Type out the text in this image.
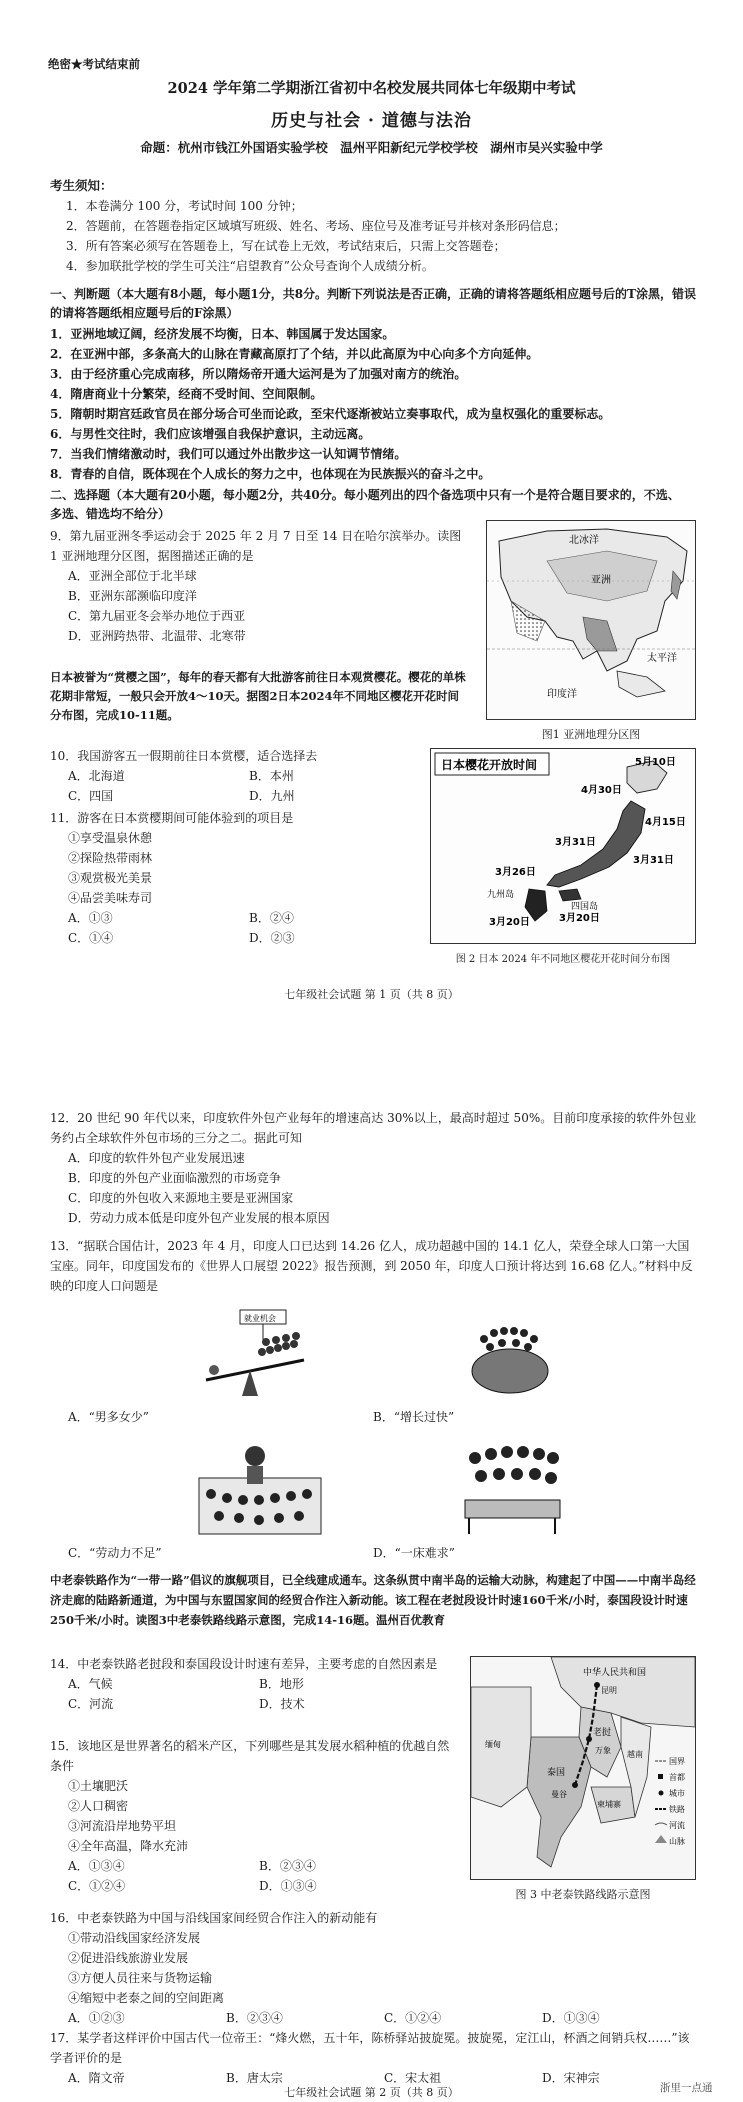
绝密★考试结束前
2024 学年第二学期浙江省初中名校发展共同体七年级期中考试
历史与社会 · 道德与法治
命题：杭州市钱江外国语实验学校　温州平阳新纪元学校学校　湖州市吴兴实验中学
考生须知：
1．本卷满分 100 分，考试时间 100 分钟；
2．答题前，在答题卷指定区域填写班级、姓名、考场、座位号及准考证号并核对条形码信息；
3．所有答案必须写在答题卷上，写在试卷上无效，考试结束后，只需上交答题卷；
4．参加联批学校的学生可关注“启望教育”公众号查询个人成绩分析。
一、判断题（本大题有8小题，每小题1分，共8分。判断下列说法是否正确，正确的请将答题纸相应题号后的T涂黑，错误的请将答题纸相应题号后的F涂黑）
1．亚洲地域辽阔，经济发展不均衡，日本、韩国属于发达国家。
2．在亚洲中部，多条高大的山脉在青藏高原打了个结，并以此高原为中心向多个方向延伸。
3．由于经济重心完成南移，所以隋炀帝开通大运河是为了加强对南方的统治。
4．隋唐商业十分繁荣，经商不受时间、空间限制。
5．隋朝时期宫廷政官员在部分场合可坐而论政，至宋代逐渐被站立奏事取代，成为皇权强化的重要标志。
6．与男性交往时，我们应该增强自我保护意识，主动远离。
7．当我们情绪激动时，我们可以通过外出散步这一认知调节情绪。
8．青春的自信，既体现在个人成长的努力之中，也体现在为民族振兴的奋斗之中。
二、选择题（本大题有20小题，每小题2分，共40分。每小题列出的四个备选项中只有一个是符合题目要求的，不选、多选、错选均不给分）
9．第九届亚洲冬季运动会于 2025 年 2 月 7 日至 14 日在哈尔滨举办。读图 1 亚洲地理分区图，据图描述正确的是
A．亚洲全部位于北半球
B．亚洲东部濒临印度洋
C．第九届亚冬会举办地位于西亚
D．亚洲跨热带、北温带、北寒带
日本被誉为“赏樱之国”，每年的春天都有大批游客前往日本观赏樱花。樱花的单株花期非常短，一般只会开放4～10天。据图2日本2024年不同地区樱花开花时间分布图，完成10-11题。
北冰洋
太平洋
印度洋
亚洲
图1 亚洲地理分区图
10．我国游客五一假期前往日本赏樱，适合选择去
A．北海道	B．本州
C．四国	D．九州
11．游客在日本赏樱期间可能体验到的项目是
①享受温泉休憩
②探险热带雨林
③观赏极光美景
④品尝美味寿司
A．①③	B．②④
C．①④	D．②③
日本樱花开放时间	5月10日
4月30日
4月15日
3月31日
3月31日
3月26日
3月20日
3月20日
九州岛
四国岛
图 2 日本 2024 年不同地区樱花开花时间分布图
七年级社会试题 第 1 页（共 8 页）
12．20 世纪 90 年代以来，印度软件外包产业每年的增速高达 30%以上，最高时超过 50%。目前印度承接的软件外包业务约占全球软件外包市场的三分之二。据此可知
A．印度的软件外包产业发展迅速
B．印度的外包产业面临激烈的市场竞争
C．印度的外包收入来源地主要是亚洲国家
D．劳动力成本低是印度外包产业发展的根本原因
13．“据联合国估计，2023 年 4 月，印度人口已达到 14.26 亿人，成功超越中国的 14.1 亿人，荣登全球人口第一大国宝座。同年，印度国发布的《世界人口展望 2022》报告预测，到 2050 年，印度人口预计将达到 16.68 亿人。”材料中反映的印度人口问题是
就业机会
A．“男多女少”	B．“增长过快”
C．“劳动力不足”	D．“一床难求”
中老泰铁路作为“一带一路”倡议的旗舰项目，已全线建成通车。这条纵贯中南半岛的运输大动脉，构建起了中国——中南半岛经济走廊的陆路新通道，为中国与东盟国家间的经贸合作注入新动能。该工程在老挝段设计时速160千米/小时，泰国段设计时速250千米/小时。读图3中老泰铁路线路示意图，完成14-16题。温州百优教育
14．中老泰铁路老挝段和泰国段设计时速有差异，主要考虑的自然因素是
A．气候	B．地形
C．河流	D．技术
15．该地区是世界著名的稻米产区，下列哪些是其发展水稻种植的优越自然条件
①土壤肥沃
②人口稠密
③河流沿岸地势平坦
④全年高温，降水充沛
A．①③④	B．②③④
C．①②④	D．①③④
中华人民共和国
老挝
泰国
昆明
曼谷
万象
柬埔寨
越南
缅甸
国界
首都
城市
铁路
河流
山脉
图 3 中老泰铁路线路示意图
16．中老泰铁路为中国与沿线国家间经贸合作注入的新动能有
①带动沿线国家经济发展
②促进沿线旅游业发展
③方便人员往来与货物运输
④缩短中老泰之间的空间距离
A．①②③	B．②③④	C．①②④	D．①③④
17．某学者这样评价中国古代一位帝王：“烽火燃，五十年，陈桥驿站披旋冕。披旋冕，定江山，杯酒之间销兵权……”该学者评价的是
A．隋文帝	B．唐太宗	C．宋太祖	D．宋神宗
七年级社会试题 第 2 页（共 8 页）	浙里一点通
